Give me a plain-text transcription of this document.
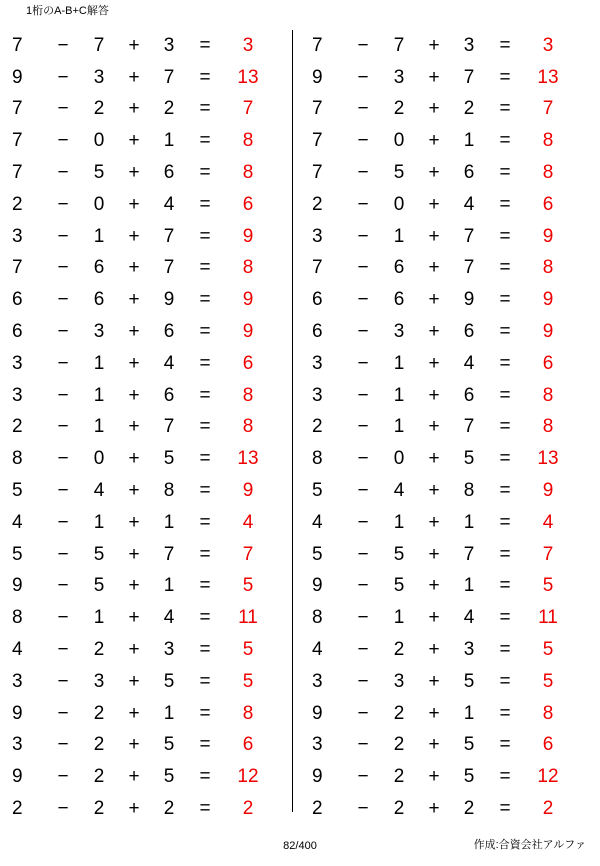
1桁のA-B+C解答
7	−	7	+	3	=	3
9	−	3	+	7	=	13
7	−	2	+	2	=	7
7	−	0	+	1	=	8
7	−	5	+	6	=	8
2	−	0	+	4	=	6
3	−	1	+	7	=	9
7	−	6	+	7	=	8
6	−	6	+	9	=	9
6	−	3	+	6	=	9
3	−	1	+	4	=	6
3	−	1	+	6	=	8
2	−	1	+	7	=	8
8	−	0	+	5	=	13
5	−	4	+	8	=	9
4	−	1	+	1	=	4
5	−	5	+	7	=	7
9	−	5	+	1	=	5
8	−	1	+	4	=	11
4	−	2	+	3	=	5
3	−	3	+	5	=	5
9	−	2	+	1	=	8
3	−	2	+	5	=	6
9	−	2	+	5	=	12
2	−	2	+	2	=	2
7	−	7	+	3	=	3
9	−	3	+	7	=	13
7	−	2	+	2	=	7
7	−	0	+	1	=	8
7	−	5	+	6	=	8
2	−	0	+	4	=	6
3	−	1	+	7	=	9
7	−	6	+	7	=	8
6	−	6	+	9	=	9
6	−	3	+	6	=	9
3	−	1	+	4	=	6
3	−	1	+	6	=	8
2	−	1	+	7	=	8
8	−	0	+	5	=	13
5	−	4	+	8	=	9
4	−	1	+	1	=	4
5	−	5	+	7	=	7
9	−	5	+	1	=	5
8	−	1	+	4	=	11
4	−	2	+	3	=	5
3	−	3	+	5	=	5
9	−	2	+	1	=	8
3	−	2	+	5	=	6
9	−	2	+	5	=	12
2	−	2	+	2	=	2
82/400	作成:合資会社アルファ
